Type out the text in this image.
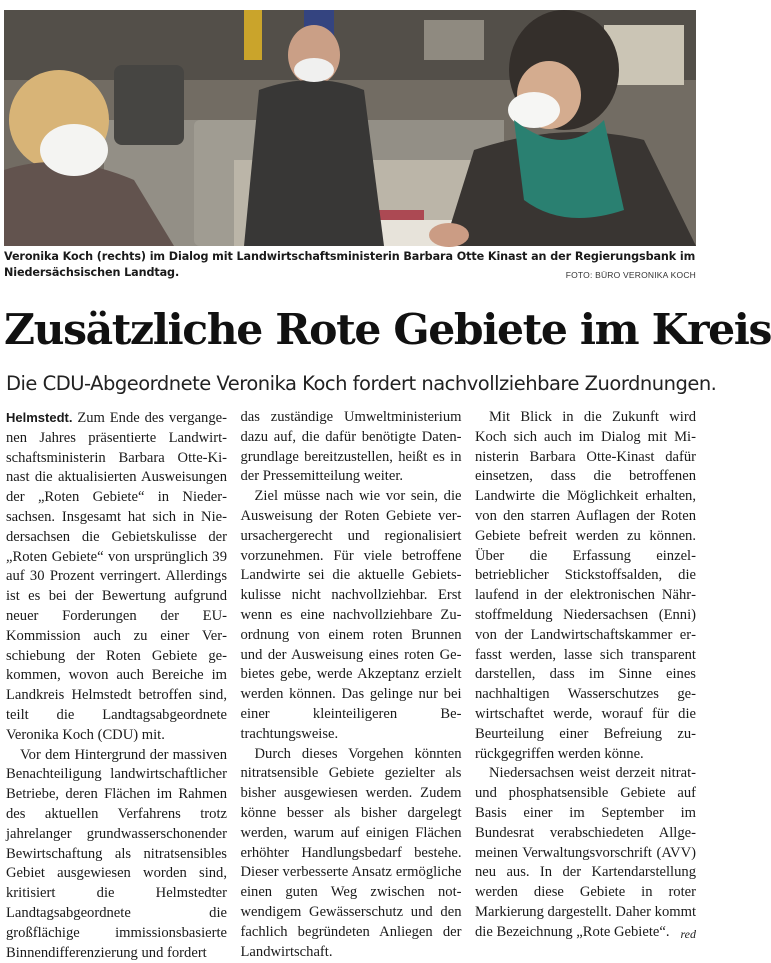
Veronika Koch (rechts) im Dialog mit Landwirtschaftsministerin Barbara Otte Kinast an der Regierungsbank im Niedersächsischen Landtag.	FOTO: BÜRO VERONIKA KOCH
Zusätzliche Rote Gebiete im Kreis
Die CDU-Abgeordnete Veronika Koch fordert nachvollziehbare Zuordnungen.

Helmstedt. Zum Ende des vergangenen Jahres präsentierte Landwirtschaftsministerin Barbara Otte-Kinast die aktualisierten Ausweisungen der „Roten Gebiete“ in Niedersachsen. Insgesamt hat sich in Niedersachsen die Gebietskulisse der „Roten Gebiete“ von ursprünglich 39 auf 30 Prozent verringert. Allerdings ist es bei der Bewertung aufgrund neuer Forderungen der EU-Kommission auch zu einer Verschiebung der Roten Gebiete gekommen, wovon auch Bereiche im Landkreis Helmstedt betroffen sind, teilt die Landtagsabgeordnete Veronika Koch (CDU) mit.

Vor dem Hintergrund der massiven Benachteiligung landwirtschaftlicher Betriebe, deren Flächen im Rahmen des aktuellen Verfahrens trotz jahrelanger grundwasserschonender Bewirtschaftung als nitratsensibles Gebiet ausgewiesen worden sind, kritisiert die Helmstedter Landtagsabgeordnete die großflächige immissionsbasierte Binnendifferenzierung und fordert

das zuständige Umweltministerium dazu auf, die dafür benötigte Datengrundlage bereitzustellen, heißt es in der Pressemitteilung weiter.

Ziel müsse nach wie vor sein, die Ausweisung der Roten Gebiete verursachergerecht und regionalisiert vorzunehmen. Für viele betroffene Landwirte sei die aktuelle Gebietskulisse nicht nachvollziehbar. Erst wenn es eine nachvollziehbare Zuordnung von einem roten Brunnen und der Ausweisung eines roten Gebietes gebe, werde Akzeptanz erzielt werden können. Das gelinge nur bei einer kleinteiligeren Betrachtungsweise.

Durch dieses Vorgehen könnten nitratsensible Gebiete gezielter als bisher ausgewiesen werden. Zudem könne besser als bisher dargelegt werden, warum auf einigen Flächen erhöhter Handlungsbedarf bestehe. Dieser verbesserte Ansatz ermögliche einen guten Weg zwischen notwendigem Gewässerschutz und den fachlich begründeten Anliegen der Landwirtschaft.

Mit Blick in die Zukunft wird Koch sich auch im Dialog mit Ministerin Barbara Otte-Kinast dafür einsetzen, dass die betroffenen Landwirte die Möglichkeit erhalten, von den starren Auflagen der Roten Gebiete befreit werden zu können. Über die Erfassung einzelbetrieblicher Stickstoffsalden, die laufend in der elektronischen Nährstoffmeldung Niedersachsen (Enni) von der Landwirtschaftskammer erfasst werden, lasse sich transparent darstellen, dass im Sinne eines nachhaltigen Wasserschutzes gewirtschaftet werde, worauf für die Beurteilung einer Befreiung zurückgegriffen werden könne.

Niedersachsen weist derzeit nitrat- und phosphatsensible Gebiete auf Basis einer im September im Bundesrat verabschiedeten Allgemeinen Verwaltungsvorschrift (AVV) neu aus. In der Kartendarstellung werden diese Gebiete in roter Markierung dargestellt. Daher kommt die Bezeichnung „Rote Gebiete“. red
